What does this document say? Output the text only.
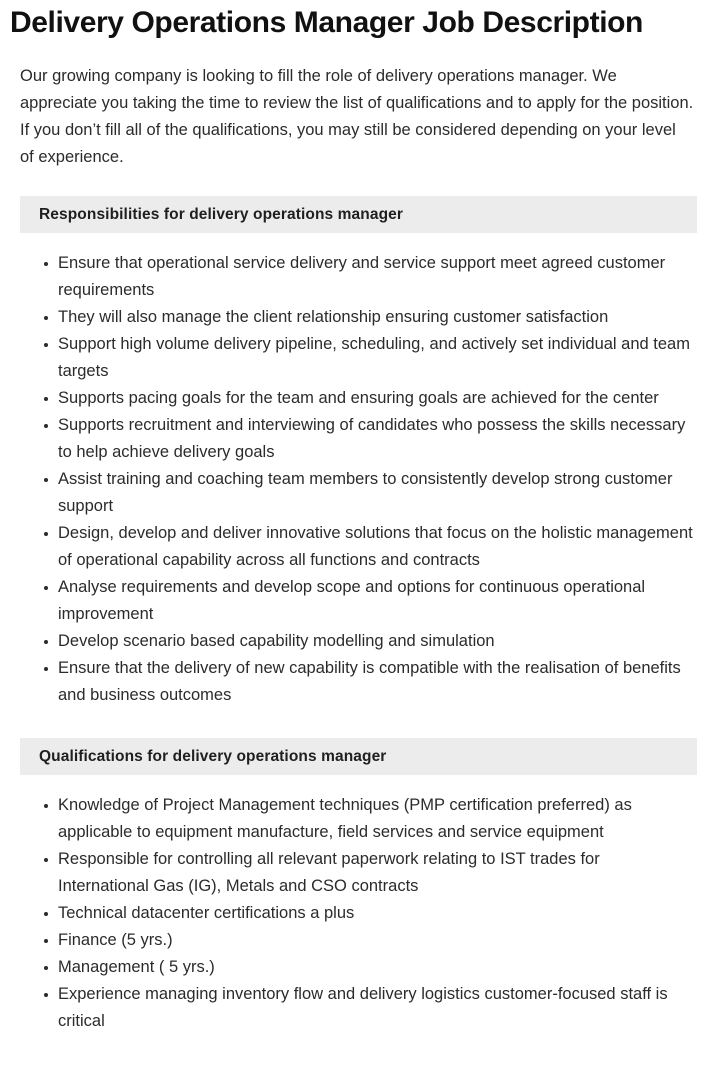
Delivery Operations Manager Job Description

Our growing company is looking to fill the role of delivery operations manager. We appreciate you taking the time to review the list of qualifications and to apply for the position. If you don’t fill all of the qualifications, you may still be considered depending on your level of experience.

Responsibilities for delivery operations manager
Ensure that operational service delivery and service support meet agreed customer requirements
They will also manage the client relationship ensuring customer satisfaction
Support high volume delivery pipeline, scheduling, and actively set individual and team targets
Supports pacing goals for the team and ensuring goals are achieved for the center
Supports recruitment and interviewing of candidates who possess the skills necessary to help achieve delivery goals
Assist training and coaching team members to consistently develop strong customer support
Design, develop and deliver innovative solutions that focus on the holistic management of operational capability across all functions and contracts
Analyse requirements and develop scope and options for continuous operational improvement
Develop scenario based capability modelling and simulation
Ensure that the delivery of new capability is compatible with the realisation of benefits and business outcomes
Qualifications for delivery operations manager
Knowledge of Project Management techniques (PMP certification preferred) as applicable to equipment manufacture, field services and service equipment
Responsible for controlling all relevant paperwork relating to IST trades for International Gas (IG), Metals and CSO contracts
Technical datacenter certifications a plus
Finance (5 yrs.)
Management ( 5 yrs.)
Experience managing inventory flow and delivery logistics customer-focused staff is critical
